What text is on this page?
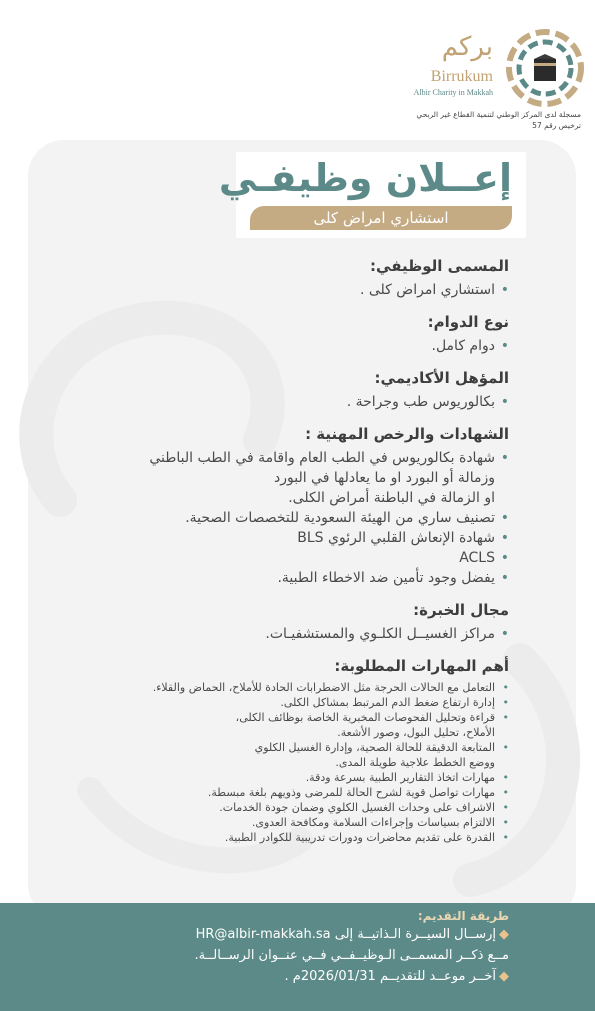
بركم
Birrukum
Albir Charity in Makkah
مسجلة لدى المركز الوطني لتنمية القطاع غير الربحي
ترخيص رقم 57
إعــلان وظيفـي
استشاري امراض كلى
المسمى الوظيفي:
• استشاري امراض كلى .
نوع الدوام:
• دوام كامل.
المؤهل الأكاديمي:
• بكالوريوس طب وجراحة .
الشهادات والرخص المهنية :
• شهادة بكالوريوس في الطب العام واقامة في الطب الباطني
وزمالة أو البورد او ما يعادلها في البورد
او الزمالة في الباطنة أمراض الكلى.
• تصنيف ساري من الهيئة السعودية للتخصصات الصحية.
• شهادة الإنعاش القلبي الرئوي BLS
• ACLS
• يفضل وجود تأمين ضد الاخطاء الطبية.
مجال الخبرة:
• مراكز الغسيــل الكلـوي والمستشفيـات.
أهم المهارات المطلوبة:
• التعامل مع الحالات الحرجة مثل الاضطرابات الحادة للأملاح، الحماض والقلاء.
• إدارة ارتفاع ضغط الدم المرتبط بمشاكل الكلى.
• قراءة وتحليل الفحوصات المخبرية الخاصة بوظائف الكلى،
الأملاح، تحليل البول، وصور الأشعة.
• المتابعة الدقيقة للحالة الصحية، وإدارة الغسيل الكلوي
ووضع الخطط علاجية طويلة المدى.
• مهارات اتخاذ التقارير الطبية بسرعة ودقة.
• مهارات تواصل قوية لشرح الحالة للمرضى وذويهم بلغة مبسطة.
• الاشراف على وحدات الغسيل الكلوي وضمان جودة الخدمات.
• الالتزام بسياسات وإجراءات السلامة ومكافحة العدوى.
• القدرة على تقديم محاضرات ودورات تدريبية للكوادر الطبية.
طريقة التقديم:
◆إرســال السيــرة الـذاتيــة إلى HR@albir-makkah.sa
مــع ذكــر المسمــى الـوظيــفــي فــي عنــوان الرســالــة.
◆آخــر موعــد للتقديــم 2026/01/31م .
